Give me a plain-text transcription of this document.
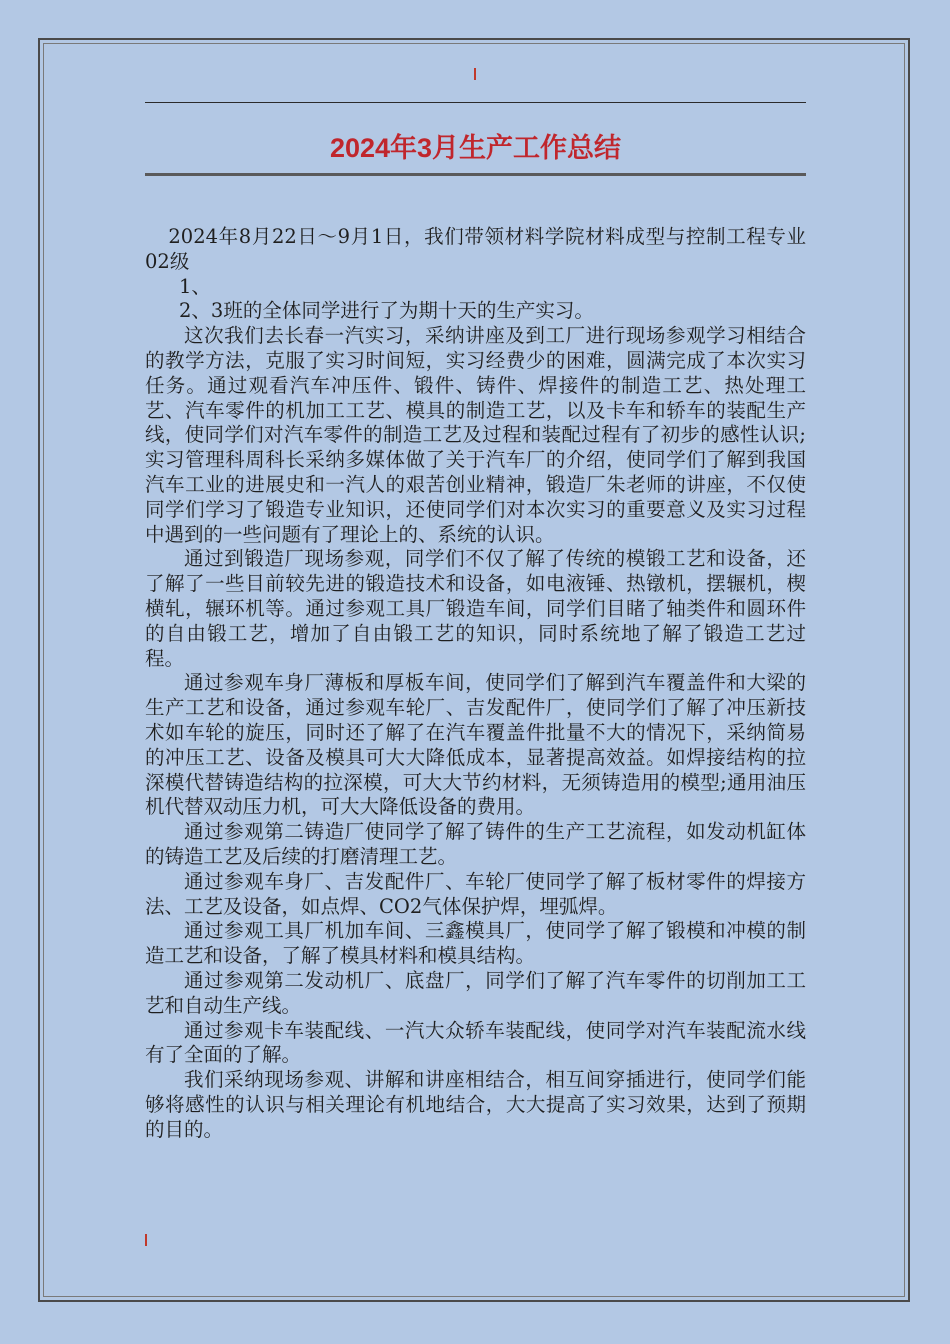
2024年3月生产工作总结

2024年8月22日～9月1日，我们带领材料学院材料成型与控制工程专业02级

1、

2、3班的全体同学进行了为期十天的生产实习。

这次我们去长春一汽实习，采纳讲座及到工厂进行现场参观学习相结合的教学方法，克服了实习时间短，实习经费少的困难，圆满完成了本次实习任务。通过观看汽车冲压件、锻件、铸件、焊接件的制造工艺、热处理工艺、汽车零件的机加工工艺、模具的制造工艺，以及卡车和轿车的装配生产线，使同学们对汽车零件的制造工艺及过程和装配过程有了初步的感性认识;实习管理科周科长采纳多媒体做了关于汽车厂的介绍，使同学们了解到我国汽车工业的进展史和一汽人的艰苦创业精神，锻造厂朱老师的讲座，不仅使同学们学习了锻造专业知识，还使同学们对本次实习的重要意义及实习过程中遇到的一些问题有了理论上的、系统的认识。

通过到锻造厂现场参观，同学们不仅了解了传统的模锻工艺和设备，还了解了一些目前较先进的锻造技术和设备，如电液锤、热镦机，摆辗机，楔横轧，辗环机等。通过参观工具厂锻造车间，同学们目睹了轴类件和圆环件的自由锻工艺，增加了自由锻工艺的知识，同时系统地了解了锻造工艺过程。

通过参观车身厂薄板和厚板车间，使同学们了解到汽车覆盖件和大梁的生产工艺和设备，通过参观车轮厂、吉发配件厂，使同学们了解了冲压新技术如车轮的旋压，同时还了解了在汽车覆盖件批量不大的情况下，采纳简易的冲压工艺、设备及模具可大大降低成本，显著提高效益。如焊接结构的拉深模代替铸造结构的拉深模，可大大节约材料，无须铸造用的模型;通用油压机代替双动压力机，可大大降低设备的费用。

通过参观第二铸造厂使同学了解了铸件的生产工艺流程，如发动机缸体的铸造工艺及后续的打磨清理工艺。

通过参观车身厂、吉发配件厂、车轮厂使同学了解了板材零件的焊接方法、工艺及设备，如点焊、CO2气体保护焊，埋弧焊。

通过参观工具厂机加车间、三鑫模具厂，使同学了解了锻模和冲模的制造工艺和设备，了解了模具材料和模具结构。

通过参观第二发动机厂、底盘厂，同学们了解了汽车零件的切削加工工艺和自动生产线。

通过参观卡车装配线、一汽大众轿车装配线，使同学对汽车装配流水线有了全面的了解。

我们采纳现场参观、讲解和讲座相结合，相互间穿插进行，使同学们能够将感性的认识与相关理论有机地结合，大大提高了实习效果，达到了预期的目的。
